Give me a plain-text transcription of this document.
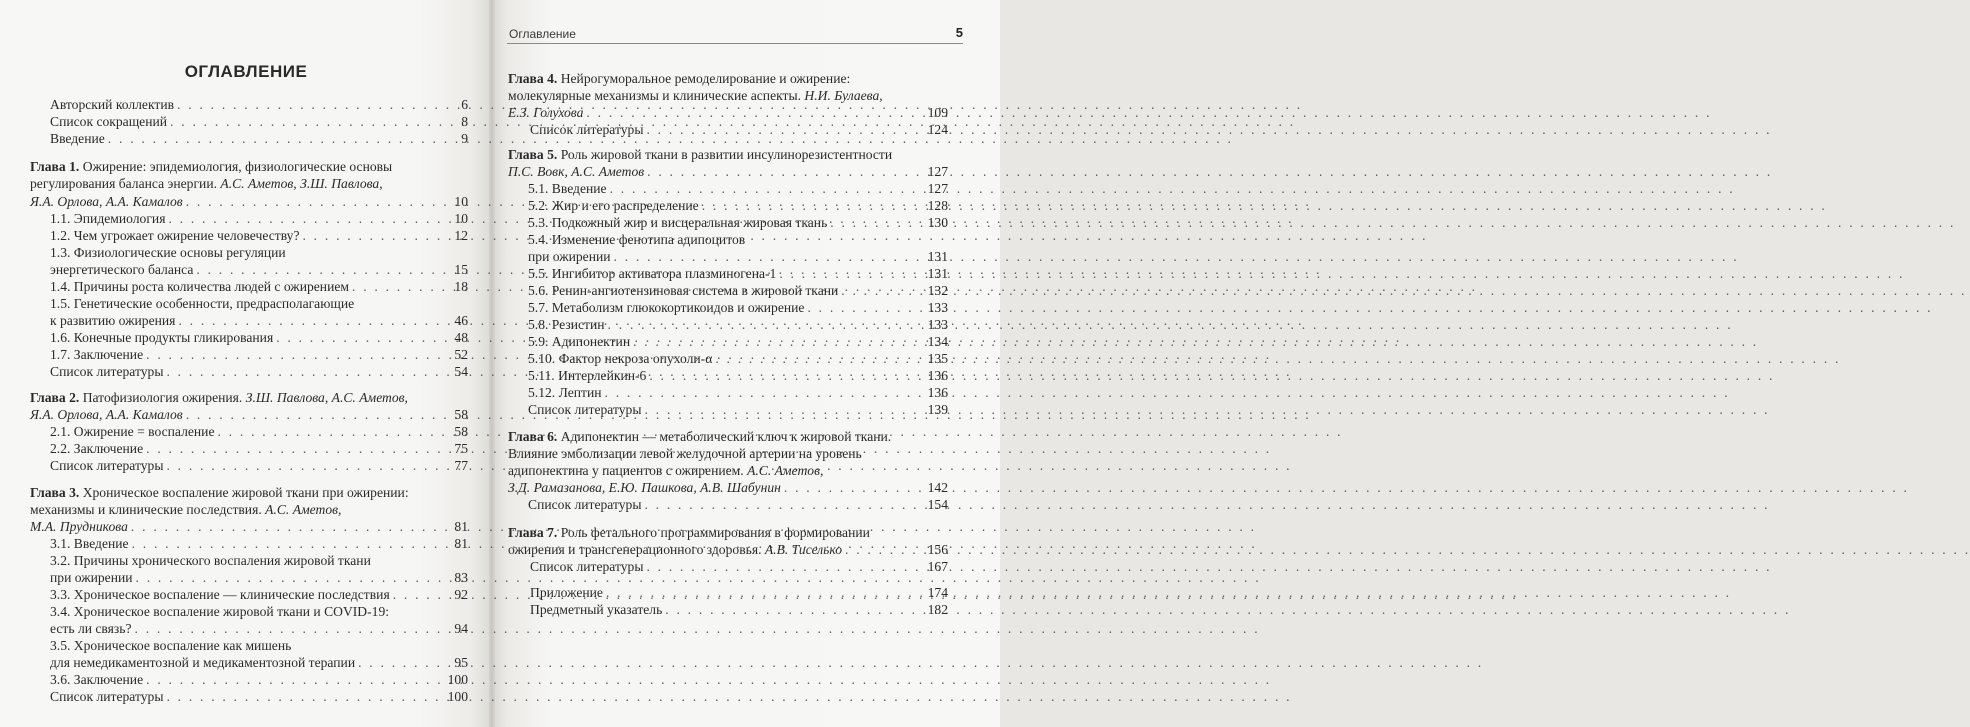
Оглавление	5
ОГЛАВЛЕНИЕ
Авторский коллектив . . .	6
Список сокращений . . .	8
Введение . . .	9
Глава 1. Ожирение: эпидемиология, физиологические основы
регулирования баланса энергии. А.С. Аметов, З.Ш. Павлова,
Я.А. Орлова, А.А. Камалов . . .	10
1.1. Эпидемиология . . .	10
1.2. Чем угрожает ожирение человечеству? . . .	12
1.3. Физиологические основы регуляции
энергетического баланса . . .	15
1.4. Причины роста количества людей с ожирением . . .	18
1.5. Генетические особенности, предрасполагающие
к развитию ожирения . . .	46
1.6. Конечные продукты гликирования . . .	48
1.7. Заключение . . .	52
Список литературы . . .	54
Глава 2. Патофизиология ожирения. З.Ш. Павлова, А.С. Аметов,
Я.А. Орлова, А.А. Камалов . . .	58
2.1. Ожирение = воспаление . . .	58
2.2. Заключение . . .	75
Список литературы . . .	77
Глава 3. Хроническое воспаление жировой ткани при ожирении:
механизмы и клинические последствия. А.С. Аметов,
М.А. Прудникова . . .	81
3.1. Введение . . .	81
3.2. Причины хронического воспаления жировой ткани
при ожирении . . .	83
3.3. Хроническое воспаление — клинические последствия . . .	92
3.4. Хроническое воспаление жировой ткани и COVID-19:
есть ли связь? . . .	94
3.5. Хроническое воспаление как мишень
для немедикаментозной и медикаментозной терапии . . .	95
3.6. Заключение . . .	100
Список литературы . . .	100
Глава 4. Нейрогуморальное ремоделирование и ожирение:
молекулярные механизмы и клинические аспекты. Н.И. Булаева,
Е.З. Голухова . . .	109
Список литературы . . .	124
Глава 5. Роль жировой ткани в развитии инсулинорезистентности
П.С. Вовк, А.С. Аметов . . .	127
5.1. Введение . . .	127
5.2. Жир и его распределение . . .	128
5.3. Подкожный жир и висцеральная жировая ткань . . .	130
5.4. Изменение фенотипа адипоцитов
при ожирении . . .	131
5.5. Ингибитор активатора плазминогена-1 . . .	131
5.6. Ренин-ангиотензиновая система в жировой ткани . . .	132
5.7. Метаболизм глюкокортикоидов и ожирение . . .	133
5.8. Резистин . . .	133
5.9. Адипонектин . . .	134
5.10. Фактор некроза опухоли-α . . .	135
5.11. Интерлейкин-6 . . .	136
5.12. Лептин . . .	136
Список литературы . . .	139
Глава 6. Адипонектин — метаболический ключ к жировой ткани.
Влияние эмболизации левой желудочной артерии на уровень
адипонектина у пациентов с ожирением. А.С. Аметов,
З.Д. Рамазанова, Е.Ю. Пашкова, А.В. Шабунин . . .	142
Список литературы . . .	154
Глава 7. Роль фетального программирования в формировании
ожирения и трансгенерационного здоровья. А.В. Тиселько . . .	156
Список литературы . . .	167
Приложение . . .	174
Предметный указатель . . .	182
